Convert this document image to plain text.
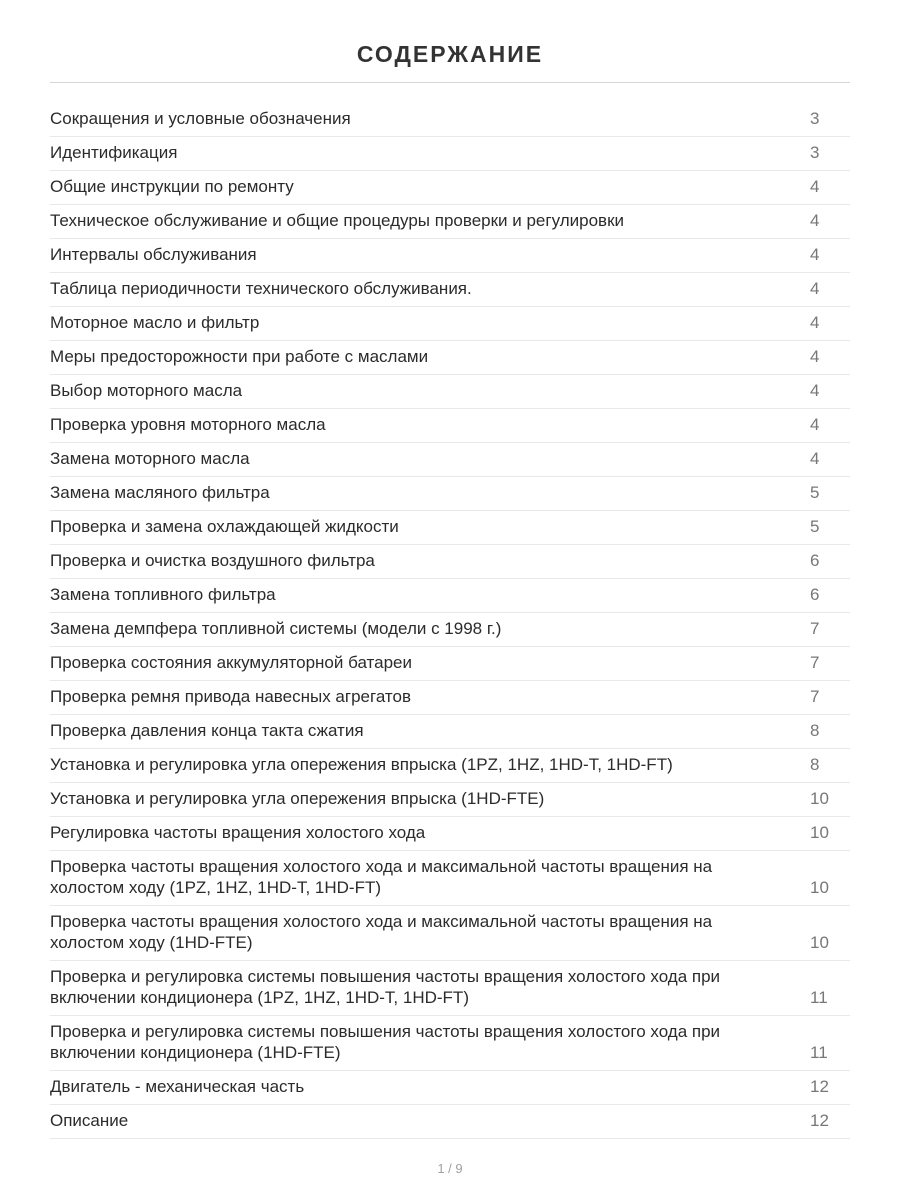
СОДЕРЖАНИЕ
Сокращения и условные обозначения	3
Идентификация	3
Общие инструкции по ремонту	4
Техническое обслуживание и общие процедуры проверки и регулировки	4
Интервалы обслуживания	4
Таблица периодичности технического обслуживания.	4
Моторное масло и фильтр	4
Меры предосторожности при работе с маслами	4
Выбор моторного масла	4
Проверка уровня моторного масла	4
Замена моторного масла	4
Замена масляного фильтра	5
Проверка и замена охлаждающей жидкости	5
Проверка и очистка воздушного фильтра	6
Замена топливного фильтра	6
Замена демпфера топливной системы (модели с 1998 г.)	7
Проверка состояния аккумуляторной батареи	7
Проверка ремня привода навесных агрегатов	7
Проверка давления конца такта сжатия	8
Установка и регулировка угла опережения впрыска (1PZ, 1HZ, 1HD-T, 1HD-FT)	8
Установка и регулировка угла опережения впрыска (1HD-FTE)	10
Регулировка частоты вращения холостого хода	10
Проверка частоты вращения холостого хода и максимальной частоты вращения на холостом ходу (1PZ, 1HZ, 1HD-T, 1HD-FT)	10
Проверка частоты вращения холостого хода и максимальной частоты вращения на холостом ходу (1HD-FTE)	10
Проверка и регулировка системы повышения частоты вращения холостого хода при включении кондиционера (1PZ, 1HZ, 1HD-T, 1HD-FT)	11
Проверка и регулировка системы повышения частоты вращения холостого хода при включении кондиционера (1HD-FTE)	11
Двигатель - механическая часть	12
Описание	12
1 / 9
